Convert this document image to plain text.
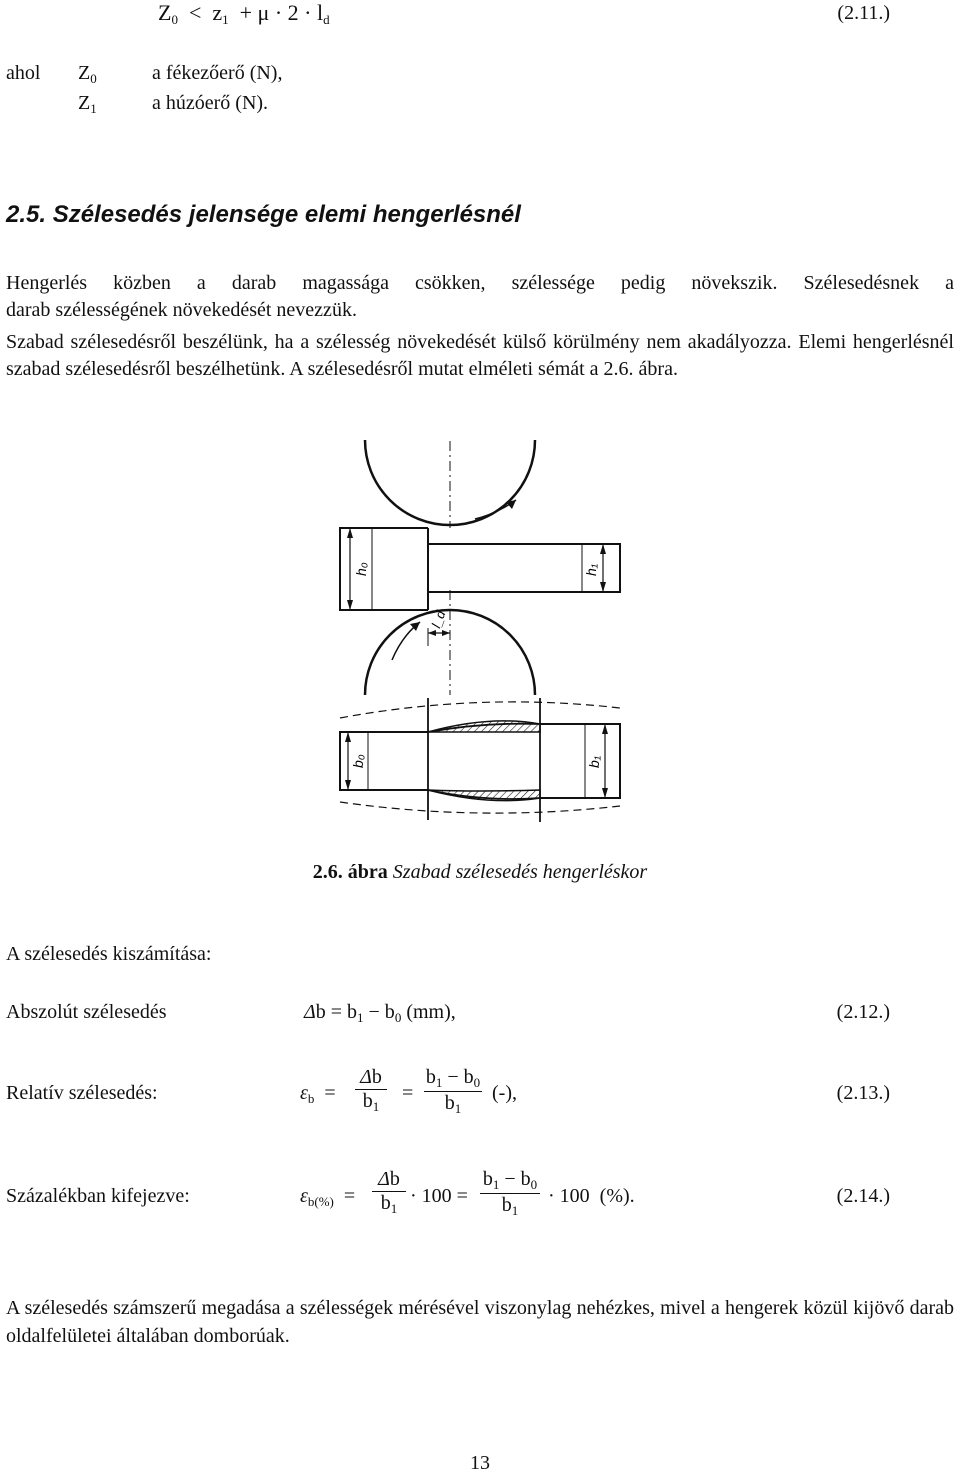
$Z_0 < z_1 + \mu \cdot 2 \cdot l_d$	(2.11.)
ahol $Z_0$	a fékezőerő (N),
$Z_1$	a húzóerő (N).
2.5. Szélesedés jelensége elemi hengerlésnél
Hengerlés közben a darab magassága csökken, szélessége pedig növekszik. Szélesedésnek a
darab szélességének növekedését nevezzük.
Szabad szélesedésről beszélünk, ha a szélesség növekedését külső körülmény nem akadályozza. Elemi hengerlésnél szabad szélesedésről beszélhetünk. A szélesedésről mutat elméleti sémát a 2.6. ábra.
h₀	h₁
l_d
b₀	b₁
2.6. ábra Szabad szélesedés hengerléskor
A szélesedés kiszámítása:
Abszolút szélesedés	$\Delta b = b_1 - b_0$ (mm),	(2.12.)
Relatív szélesedés:	$\varepsilon_b = \frac{\Delta b}{b_1} = \frac{b_1 - b_0}{b_1}$ (-),	(2.13.)
Százalékban kifejezve:	$\varepsilon_{b(\%)} = \frac{\Delta b}{b_1} \cdot 100 = \frac{b_1 - b_0}{b_1} \cdot 100$ (%).	(2.14.)
A szélesedés számszerű megadása a szélességek mérésével viszonylag nehézkes, mivel a hengerek közül kijövő darab oldalfelületei általában domborúak.
13
